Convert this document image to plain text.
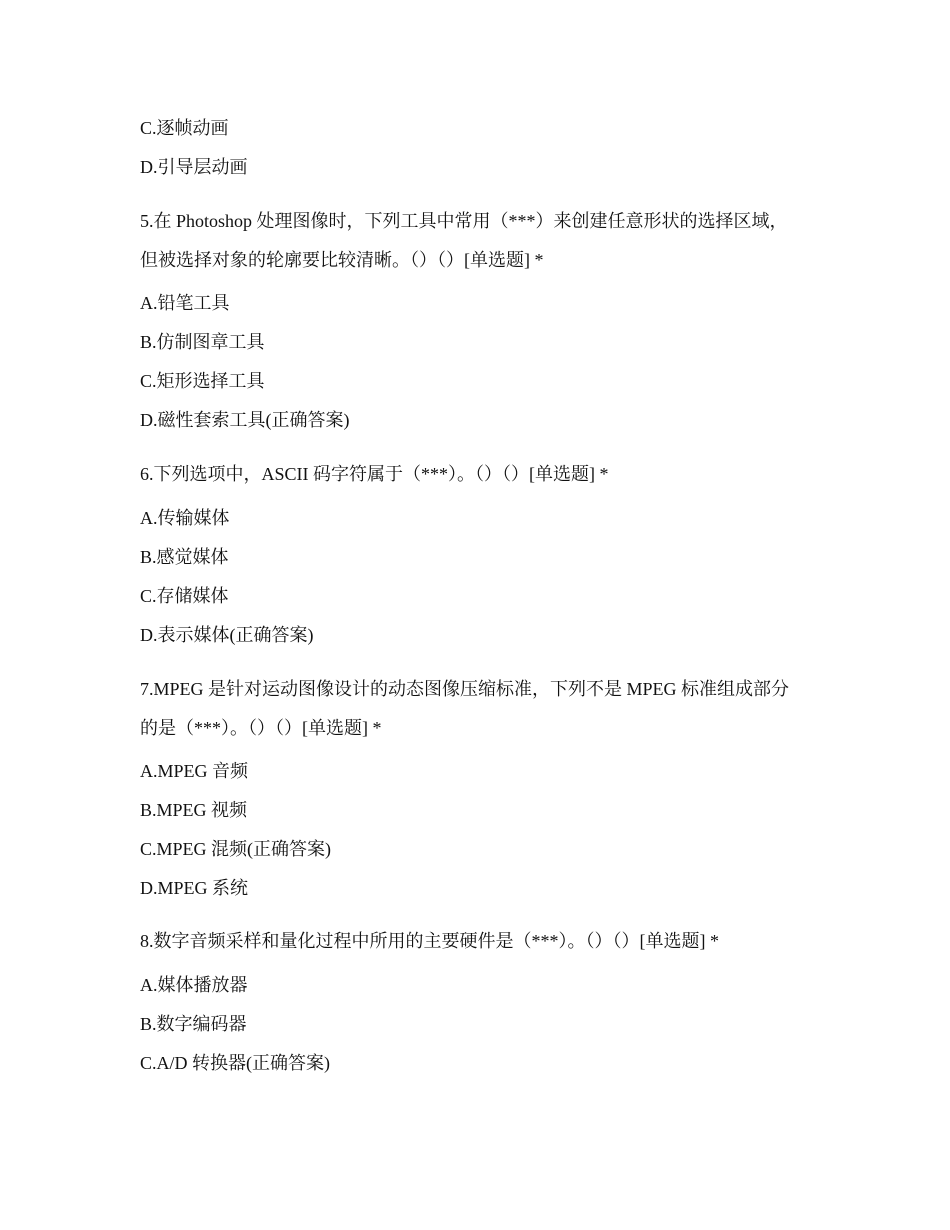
C.逐帧动画
D.引导层动画
5.在 Photoshop 处理图像时，下列工具中常用（***）来创建任意形状的选择区域，
但被选择对象的轮廓要比较清晰。（）（）[单选题] *
A.铅笔工具
B.仿制图章工具
C.矩形选择工具
D.磁性套索工具(正确答案)
6.下列选项中，ASCII 码字符属于（***）。（）（）[单选题] *
A.传输媒体
B.感觉媒体
C.存储媒体
D.表示媒体(正确答案)
7.MPEG 是针对运动图像设计的动态图像压缩标准，下列不是 MPEG 标准组成部分
的是（***）。（）（）[单选题] *
A.MPEG 音频
B.MPEG 视频
C.MPEG 混频(正确答案)
D.MPEG 系统
8.数字音频采样和量化过程中所用的主要硬件是（***）。（）（）[单选题] *
A.媒体播放器
B.数字编码器
C.A/D 转换器(正确答案)
